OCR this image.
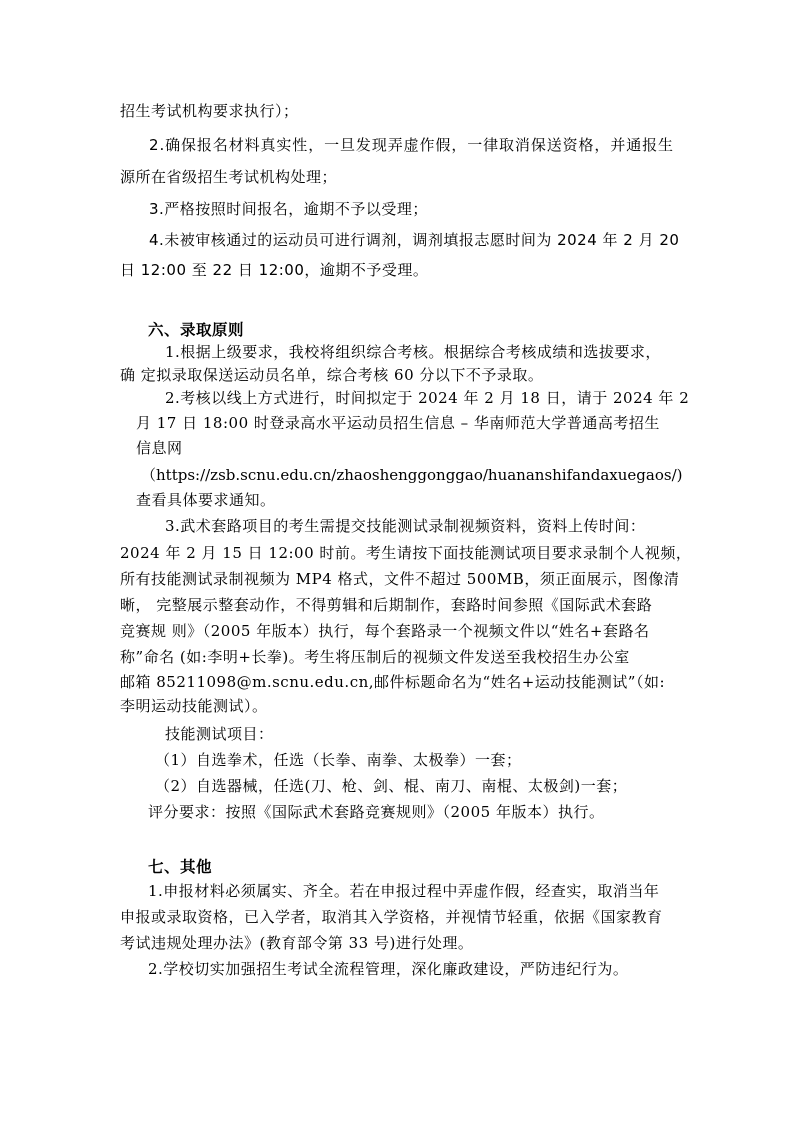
招生考试机构要求执行）；
2.确保报名材料真实性，一旦发现弄虚作假，一律取消保送资格，并通报生
源所在省级招生考试机构处理；
3.严格按照时间报名，逾期不予以受理；
4.未被审核通过的运动员可进行调剂，调剂填报志愿时间为 2024 年 2 月 20
日 12:00 至 22 日 12:00，逾期不予受理。
六、录取原则
1.根据上级要求，我校将组织综合考核。根据综合考核成绩和选拔要求，
确 定拟录取保送运动员名单，综合考核 60 分以下不予录取。
2.考核以线上方式进行，时间拟定于 2024 年 2 月 18 日，请于 2024 年 2
月 17 日 18:00 时登录高水平运动员招生信息 – 华南师范大学普通高考招生
信息网
（https://zsb.scnu.edu.cn/zhaoshenggonggao/huananshifandaxuegaos/)
查看具体要求通知。
3.武术套路项目的考生需提交技能测试录制视频资料，资料上传时间：
2024 年 2 月 15 日 12:00 时前。考生请按下面技能测试项目要求录制个人视频，
所有技能测试录制视频为 MP4 格式，文件不超过 500MB，须正面展示，图像清
晰， 完整展示整套动作，不得剪辑和后期制作，套路时间参照《国际武术套路
竞赛规 则》（2005 年版本）执行，每个套路录一个视频文件以“姓名+套路名
称”命名 (如:李明+长拳)。考生将压制后的视频文件发送至我校招生办公室
邮箱 85211098@m.scnu.edu.cn,邮件标题命名为“姓名+运动技能测试”（如:
李明运动技能测试）。
技能测试项目：
（1）自选拳术，任选（长拳、南拳、太极拳）一套；
（2）自选器械，任选(刀、枪、剑、棍、南刀、南棍、太极剑)一套；
评分要求：按照《国际武术套路竞赛规则》（2005 年版本）执行。
七、其他
1.申报材料必须属实、齐全。若在申报过程中弄虚作假，经查实，取消当年
申报或录取资格，已入学者，取消其入学资格，并视情节轻重，依据《国家教育
考试违规处理办法》(教育部令第 33 号)进行处理。
2.学校切实加强招生考试全流程管理，深化廉政建设，严防违纪行为。
